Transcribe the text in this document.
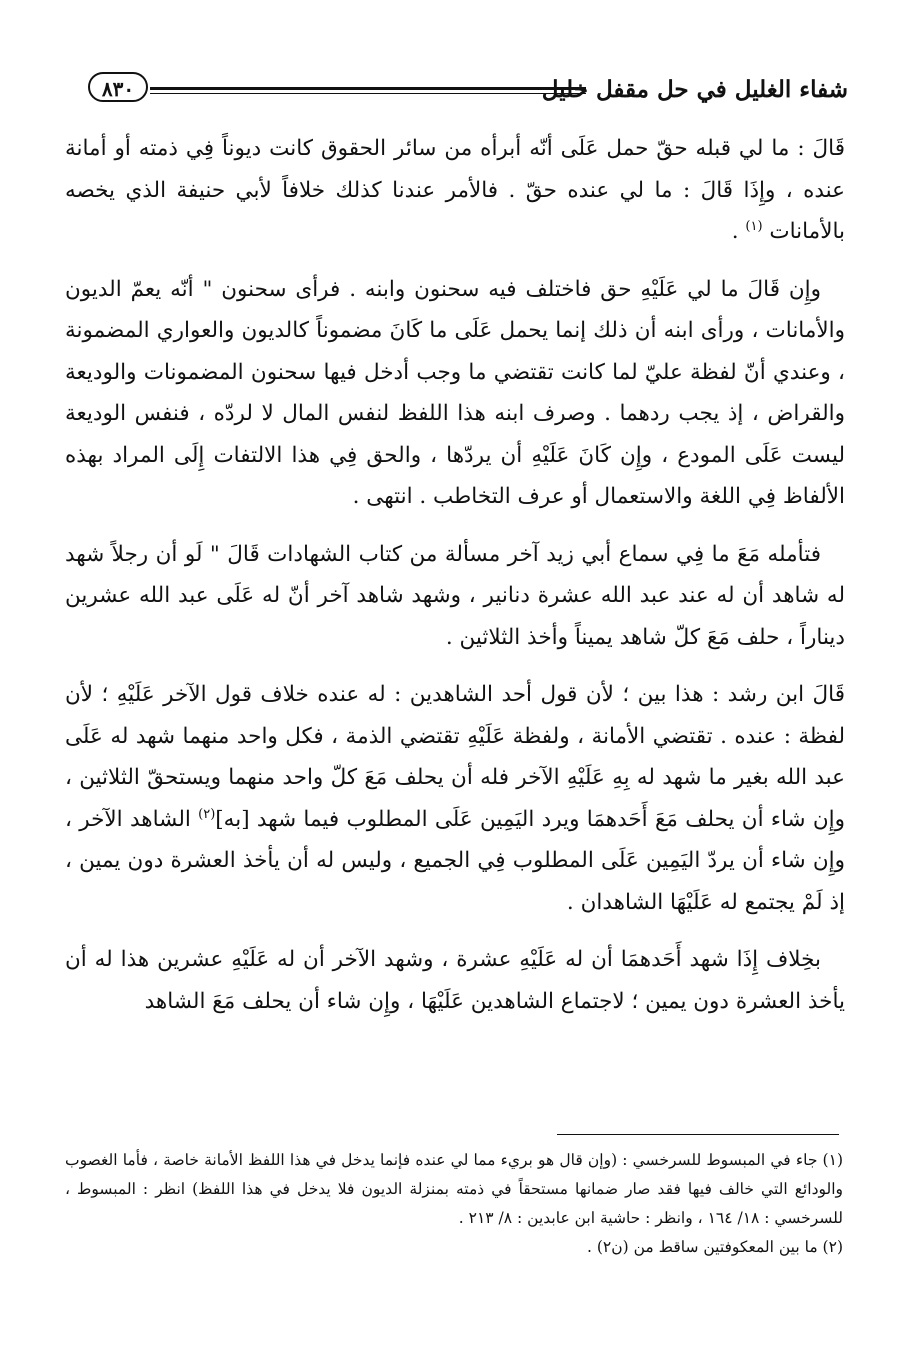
شفاء الغليل في حل مقفل خليل
٨٣٠

قَالَ : ما لي قبله حقّ حمل عَلَى أنّه أبرأه من سائر الحقوق كانت ديوناً فِي ذمته أو أمانة عنده ، وإِذَا قَالَ : ما لي عنده حقّ . فالأمر عندنا كذلك خلافاً لأبي حنيفة الذي يخصه بالأمانات $^{(١)}$ .

وإِن قَالَ ما لي عَلَيْهِ حق فاختلف فيه سحنون وابنه . فرأى سحنون " أنّه يعمّ الديون والأمانات ، ورأى ابنه أن ذلك إنما يحمل عَلَى ما كَانَ مضموناً كالديون والعواري المضمونة ، وعندي أنّ لفظة عليّ لما كانت تقتضي ما وجب أدخل فيها سحنون المضمونات والوديعة والقراض ، إذ يجب ردهما . وصرف ابنه هذا اللفظ لنفس المال لا لردّه ، فنفس الوديعة ليست عَلَى المودع ، وإِن كَانَ عَلَيْهِ أن يردّها ، والحق فِي هذا الالتفات إِلَى المراد بهذه الألفاظ فِي اللغة والاستعمال أو عرف التخاطب . انتهى .

فتأمله مَعَ ما فِي سماع أبي زيد آخر مسألة من كتاب الشهادات قَالَ " لَو أن رجلاً شهد له شاهد أن له عند عبد الله عشرة دنانير ، وشهد شاهد آخر أنّ له عَلَى عبد الله عشرين ديناراً ، حلف مَعَ كلّ شاهد يميناً وأخذ الثلاثين .

قَالَ ابن رشد : هذا بين ؛ لأن قول أحد الشاهدين : له عنده خلاف قول الآخر عَلَيْهِ ؛ لأن لفظة : عنده . تقتضي الأمانة ، ولفظة عَلَيْهِ تقتضي الذمة ، فكل واحد منهما شهد له عَلَى عبد الله بغير ما شهد له بِهِ عَلَيْهِ الآخر فله أن يحلف مَعَ كلّ واحد منهما ويستحقّ الثلاثين ، وإِن شاء أن يحلف مَعَ أَحَدهمَا ويرد اليَمِين عَلَى المطلوب فيما شهد [به]$^{(٢)}$ الشاهد الآخر ، وإِن شاء أن يردّ اليَمِين عَلَى المطلوب فِي الجميع ، وليس له أن يأخذ العشرة دون يمين ، إذ لَمْ يجتمع له عَلَيْهَا الشاهدان .

بخِلاف إِذَا شهد أَحَدهمَا أن له عَلَيْهِ عشرة ، وشهد الآخر أن له عَلَيْهِ عشرين هذا له أن يأخذ العشرة دون يمين ؛ لاجتماع الشاهدين عَلَيْهَا ، وإِن شاء أن يحلف مَعَ الشاهد

(١) جاء في المبسوط للسرخسي : (وإن قال هو بريء مما لي عنده فإنما يدخل في هذا اللفظ الأمانة خاصة ، فأما الغصوب والودائع التي خالف فيها فقد صار ضمانها مستحقاً في ذمته بمنزلة الديون فلا يدخل في هذا اللفظ) انظر : المبسوط ، للسرخسي : ١٨/ ١٦٤ ، وانظر : حاشية ابن عابدين : ٨/ ٢١٣ .

(٢) ما بين المعكوفتين ساقط من (ن٢) .
